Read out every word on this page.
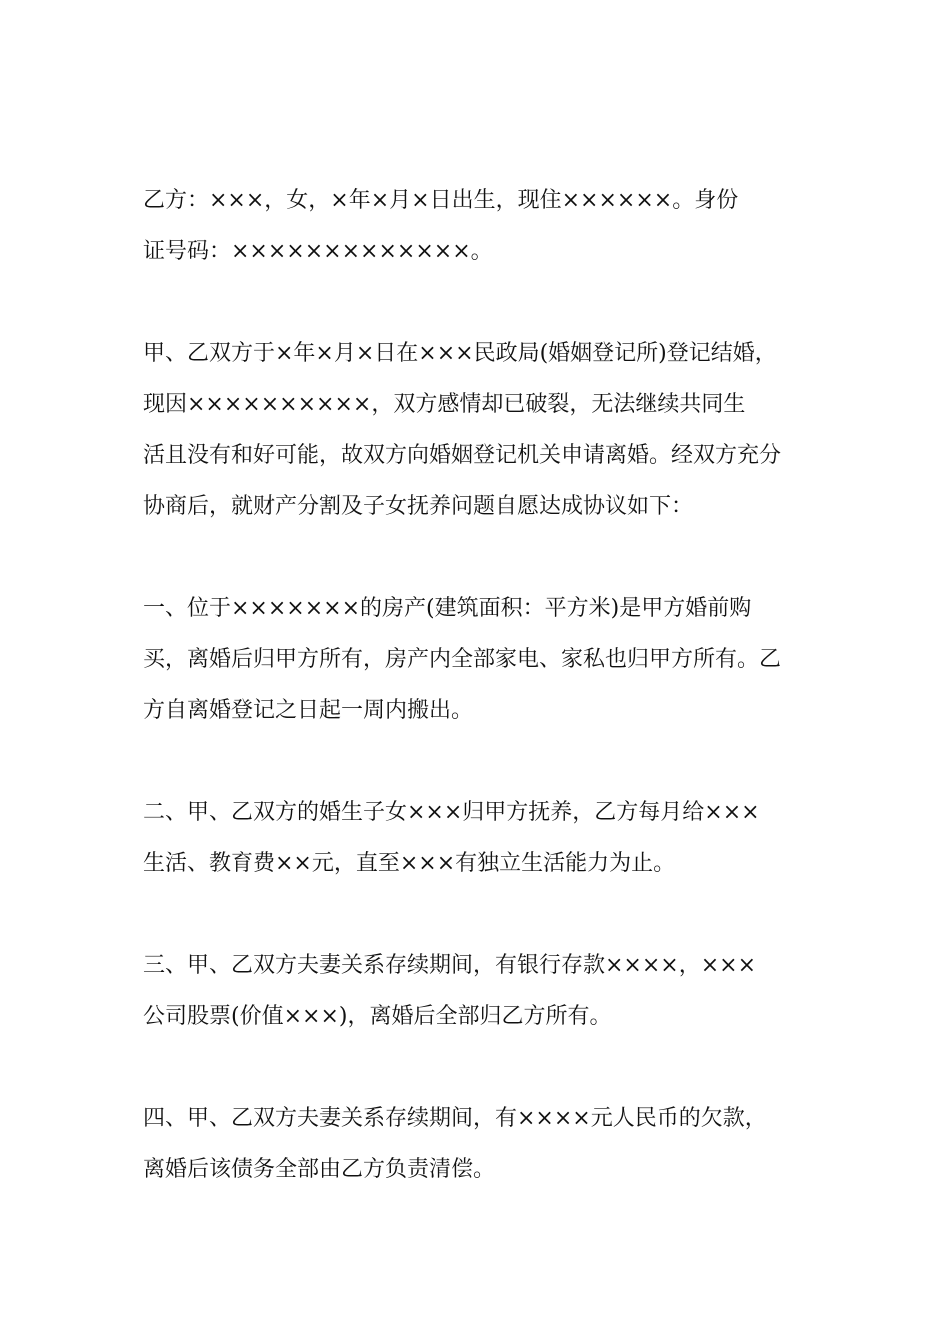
乙方：×××，女，×年×月×日出生，现住××××××。身份
证号码：×××××××××××××。

甲、乙双方于×年×月×日在×××民政局(婚姻登记所)登记结婚，
现因××××××××××，双方感情却已破裂，无法继续共同生
活且没有和好可能，故双方向婚姻登记机关申请离婚。经双方充分
协商后，就财产分割及子女抚养问题自愿达成协议如下：

一、位于×××××××的房产(建筑面积：平方米)是甲方婚前购
买，离婚后归甲方所有，房产内全部家电、家私也归甲方所有。乙
方自离婚登记之日起一周内搬出。

二、甲、乙双方的婚生子女×××归甲方抚养，乙方每月给×××
生活、教育费××元，直至×××有独立生活能力为止。

三、甲、乙双方夫妻关系存续期间，有银行存款××××，×××
公司股票(价值×××)，离婚后全部归乙方所有。

四、甲、乙双方夫妻关系存续期间，有××××元人民币的欠款，
离婚后该债务全部由乙方负责清偿。
